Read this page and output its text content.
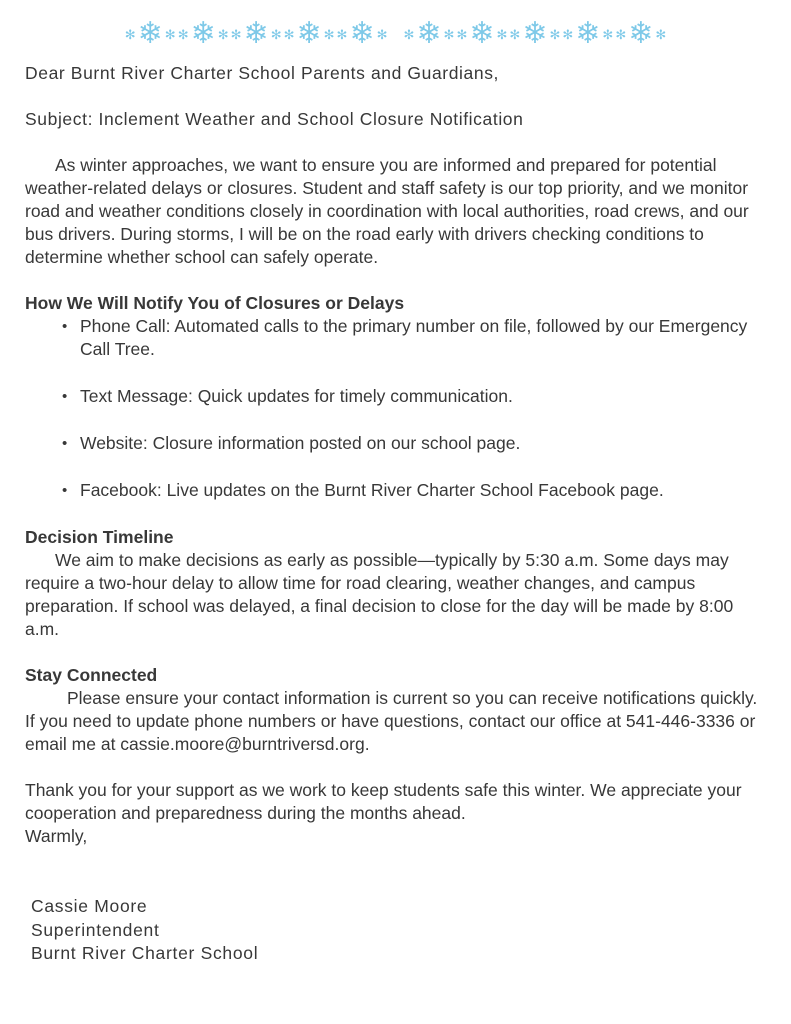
✻ ❄ ✻ ✻ ❄ ✻ ✻ ❄ ✻ ✻ ❄ ✻ ✻ ❄ ✻ ✻ ❄ ✻ ✻ ❄ ✻ ✻ ❄ ✻ ✻ ❄ ✻ ✻ ❄ ✻

Dear Burnt River Charter School Parents and Guardians,

Subject: Inclement Weather and School Closure Notification

As winter approaches, we want to ensure you are informed and prepared for potential weather-related delays or closures. Student and staff safety is our top priority, and we monitor road and weather conditions closely in coordination with local authorities, road crews, and our bus drivers. During storms, I will be on the road early with drivers checking conditions to determine whether school can safely operate.

How We Will Notify You of Closures or Delays
• Phone Call: Automated calls to the primary number on file, followed by our Emergency Call Tree.
• Text Message: Quick updates for timely communication.
• Website: Closure information posted on our school page.
• Facebook: Live updates on the Burnt River Charter School Facebook page.
Decision Timeline

We aim to make decisions as early as possible—typically by 5:30 a.m. Some days may require a two-hour delay to allow time for road clearing, weather changes, and campus preparation. If school was delayed, a final decision to close for the day will be made by 8:00 a.m.

Stay Connected

Please ensure your contact information is current so you can receive notifications quickly. If you need to update phone numbers or have questions, contact our office at 541-446-3336 or email me at cassie.moore@burntriversd.org.

Thank you for your support as we work to keep students safe this winter. We appreciate your cooperation and preparedness during the months ahead.

Warmly,

Cassie Moore
Superintendent
Burnt River Charter School
